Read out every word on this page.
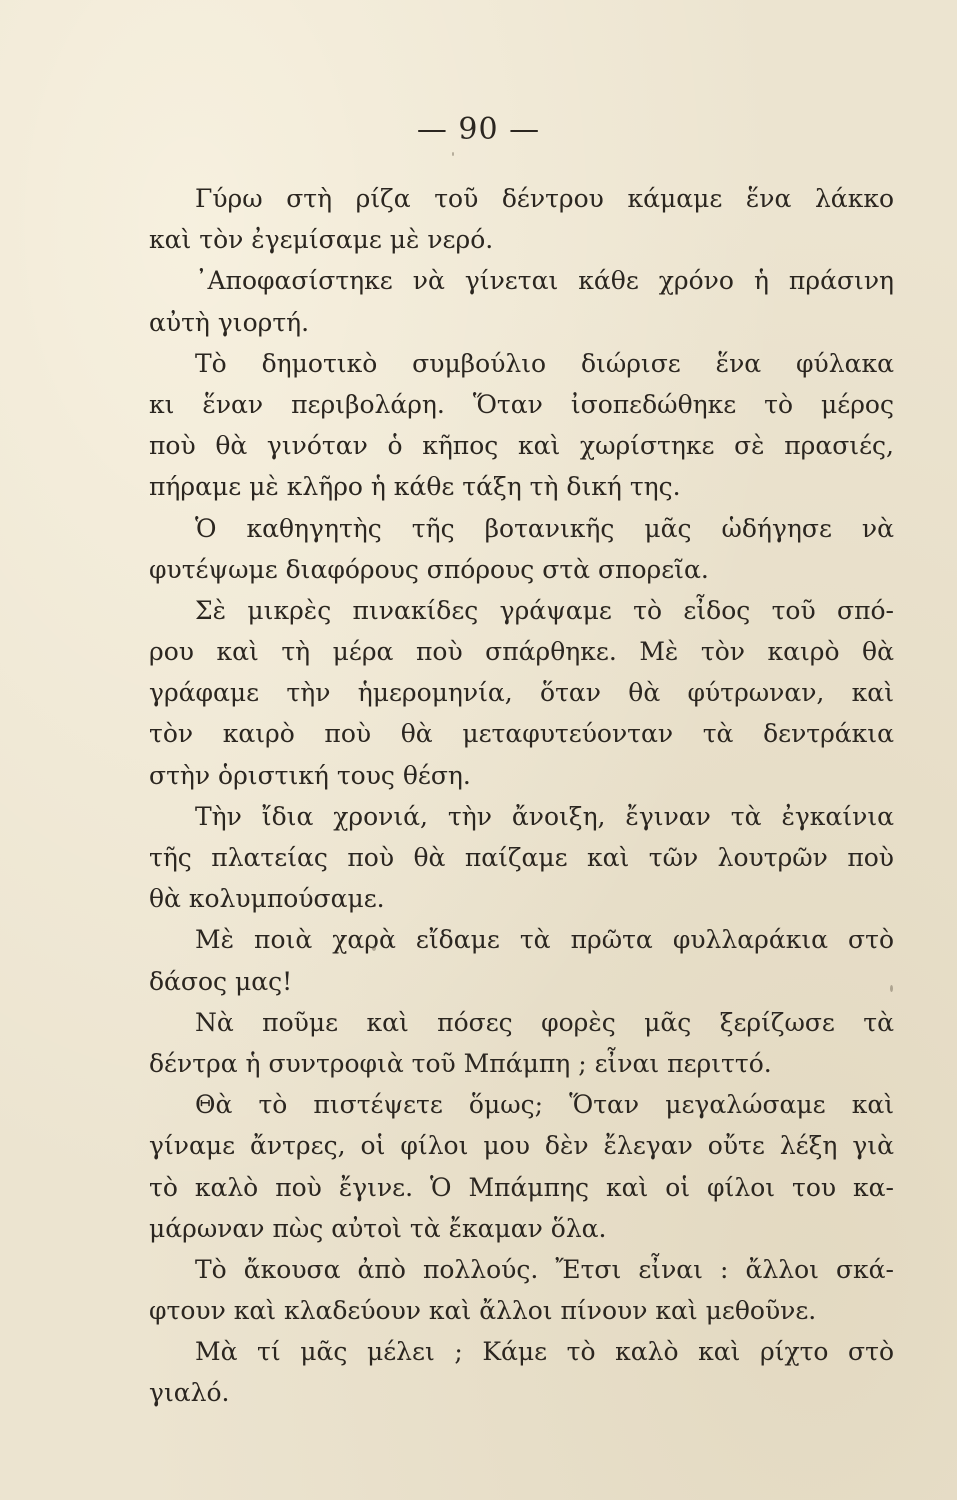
— 90 —
Γύρω στὴ ρίζα τοῦ δέντρου κάμαμε ἕνα λάκκο
καὶ τὸν ἐγεμίσαμε μὲ νερό.
᾿Αποφασίστηκε νὰ γίνεται κάθε χρόνο ἡ πράσινη
αὐτὴ γιορτή.
Τὸ δημοτικὸ συμβούλιο διώρισε ἕνα φύλακα
κι ἕναν περιβολάρη. Ὅταν ἰσοπεδώθηκε τὸ μέρος
ποὺ θὰ γινόταν ὁ κῆπος καὶ χωρίστηκε σὲ πρασιές,
πήραμε μὲ κλῆρο ἡ κάθε τάξη τὴ δική της.
Ὁ καθηγητὴς τῆς βοτανικῆς μᾶς ὡδήγησε νὰ
φυτέψωμε διαφόρους σπόρους στὰ σπορεῖα.
Σὲ μικρὲς πινακίδες γράψαμε τὸ εἶδος τοῦ σπό-
ρου καὶ τὴ μέρα ποὺ σπάρθηκε. Μὲ τὸν καιρὸ θὰ
γράφαμε τὴν ἡμερομηνία, ὅταν θὰ φύτρωναν, καὶ
τὸν καιρὸ ποὺ θὰ μεταφυτεύονταν τὰ δεντράκια
στὴν ὁριστική τους θέση.
Τὴν ἴδια χρονιά, τὴν ἄνοιξη, ἔγιναν τὰ ἐγκαίνια
τῆς πλατείας ποὺ θὰ παίζαμε καὶ τῶν λουτρῶν ποὺ
θὰ κολυμπούσαμε.
Μὲ ποιὰ χαρὰ εἴδαμε τὰ πρῶτα φυλλαράκια στὸ
δάσος μας!
Νὰ ποῦμε καὶ πόσες φορὲς μᾶς ξερίζωσε τὰ
δέντρα ἡ συντροφιὰ τοῦ Μπάμπη ; εἶναι περιττό.
Θὰ τὸ πιστέψετε ὅμως; Ὅταν μεγαλώσαμε καὶ
γίναμε ἄντρες, οἱ φίλοι μου δὲν ἔλεγαν οὔτε λέξη γιὰ
τὸ καλὸ ποὺ ἔγινε. Ὁ Μπάμπης καὶ οἱ φίλοι του κα-
μάρωναν πὼς αὐτοὶ τὰ ἔκαμαν ὅλα.
Τὸ ἄκουσα ἀπὸ πολλούς. Ἔτσι εἶναι : ἄλλοι σκά-
φτουν καὶ κλαδεύουν καὶ ἄλλοι πίνουν καὶ μεθοῦνε.
Μὰ τί μᾶς μέλει ; Κάμε τὸ καλὸ καὶ ρίχτο στὸ
γιαλό.
